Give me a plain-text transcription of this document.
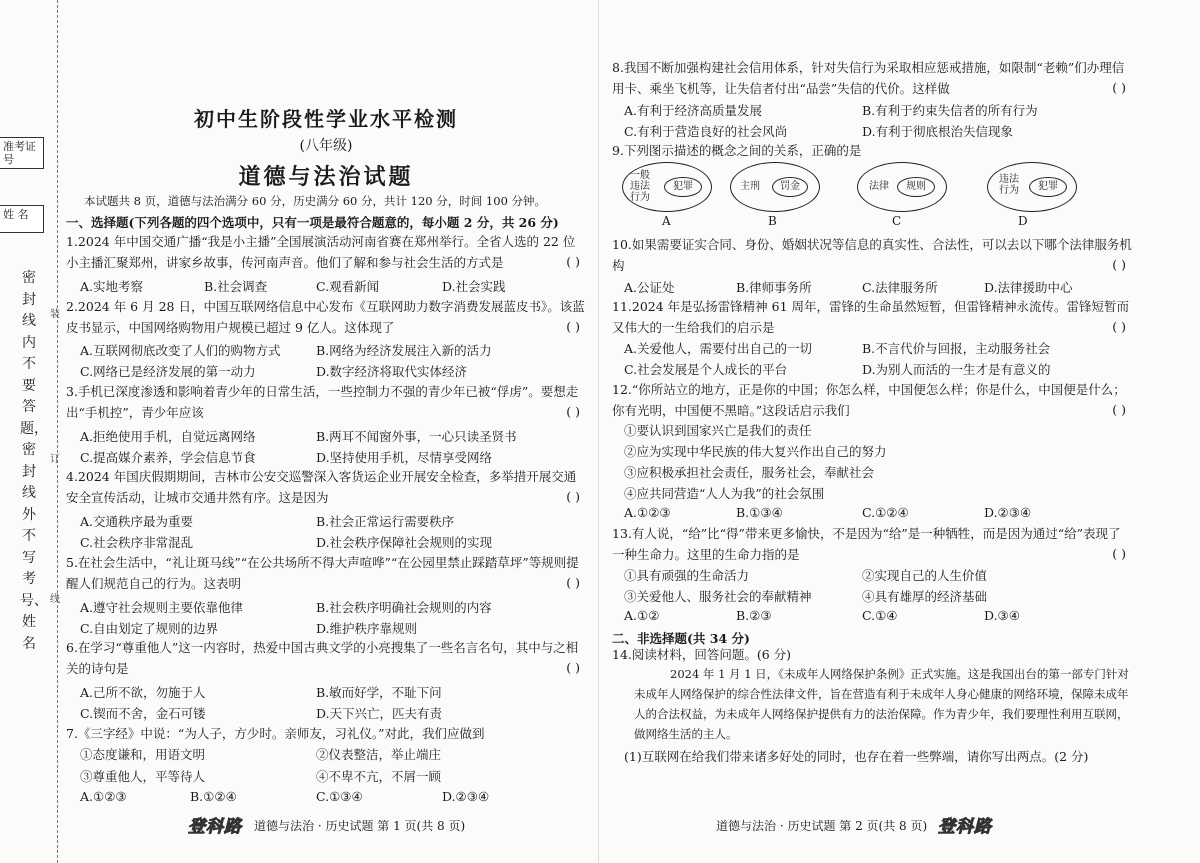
准考证号
姓 名
密封线内不要答题，密封线外不写考号、姓名
装
订
线
初中生阶段性学业水平检测
(八年级)
道德与法治试题
本试题共 8 页，道德与法治满分 60 分，历史满分 60 分，共计 120 分，时间 100 分钟。
一、选择题(下列各题的四个选项中，只有一项是最符合题意的，每小题 2 分，共 26 分)
1.2024 年中国交通广播“我是小主播”全国展演活动河南省赛在郑州举行。全省人选的 22 位小主播汇聚郑州，讲家乡故事，传河南声音。他们了解和参与社会生活的方式是	( )
A.实地考察	B.社会调查	C.观看新闻	D.社会实践
2.2024 年 6 月 28 日，中国互联网络信息中心发布《互联网助力数字消费发展蓝皮书》。该蓝皮书显示，中国网络购物用户规模已超过 9 亿人。这体现了	( )
A.互联网彻底改变了人们的购物方式	B.网络为经济发展注入新的活力
C.网络已是经济发展的第一动力	D.数字经济将取代实体经济
3.手机已深度渗透和影响着青少年的日常生活，一些控制力不强的青少年已被“俘虏”。要想走出“手机控”，青少年应该	( )
A.拒绝使用手机，自觉远离网络	B.两耳不闻窗外事，一心只读圣贤书
C.提高媒介素养，学会信息节食	D.坚持使用手机，尽情享受网络
4.2024 年国庆假期期间，吉林市公安交巡警深入客货运企业开展安全检查，多举措开展交通安全宣传活动，让城市交通井然有序。这是因为	( )
A.交通秩序最为重要	B.社会正常运行需要秩序
C.社会秩序非常混乱	D.社会秩序保障社会规则的实现
5.在社会生活中，“礼让斑马线”“在公共场所不得大声喧哗”“在公园里禁止踩踏草坪”等规则提醒人们规范自己的行为。这表明	( )
A.遵守社会规则主要依靠他律	B.社会秩序明确社会规则的内容
C.自由划定了规则的边界	D.维护秩序靠规则
6.在学习“尊重他人”这一内容时，热爱中国古典文学的小亮搜集了一些名言名句，其中与之相关的诗句是	( )
A.己所不欲，勿施于人	B.敏而好学，不耻下问
C.锲而不舍，金石可镂	D.天下兴亡，匹夫有责
7.《三字经》中说：“为人子，方少时。亲师友，习礼仪。”对此，我们应做到
①态度谦和，用语文明	②仪表整洁，举止端庄
③尊重他人，平等待人	④不卑不亢，不屑一顾
A.①②③	B.①②④	C.①③④	D.②③④
登科路 道德与法治 · 历史试题 第 1 页(共 8 页)
8.我国不断加强构建社会信用体系，针对失信行为采取相应惩戒措施，如限制“老赖”们办理信用卡、乘坐飞机等，让失信者付出“品尝”失信的代价。这样做	( )
A.有利于经济高质量发展	B.有利于约束失信者的所有行为
C.有利于营造良好的社会风尚	D.有利于彻底根治失信现象
9.下列图示描述的概念之间的关系，正确的是
一般违法行为
犯罪
A
主刑	罚金
B
法律	规则
C
违法行为	犯罪
D
10.如果需要证实合同、身份、婚姻状况等信息的真实性、合法性，可以去以下哪个法律服务机构	( )
A.公证处	B.律师事务所	C.法律服务所	D.法律援助中心
11.2024 年是弘扬雷锋精神 61 周年，雷锋的生命虽然短暂，但雷锋精神永流传。雷锋短暂而又伟大的一生给我们的启示是	( )
A.关爱他人，需要付出自己的一切	B.不言代价与回报，主动服务社会
C.社会发展是个人成长的平台	D.为别人而活的一生才是有意义的
12.“你所站立的地方，正是你的中国；你怎么样，中国便怎么样；你是什么，中国便是什么；你有光明，中国便不黑暗。”这段话启示我们	( )
①要认识到国家兴亡是我们的责任
②应为实现中华民族的伟大复兴作出自己的努力
③应积极承担社会责任，服务社会，奉献社会
④应共同营造“人人为我”的社会氛围
A.①②③	B.①③④	C.①②④	D.②③④
13.有人说，“给”比“得”带来更多愉快，不是因为“给”是一种牺牲，而是因为通过“给”表现了一种生命力。这里的生命力指的是	( )
①具有顽强的生命活力	②实现自己的人生价值
③关爱他人、服务社会的奉献精神	④具有雄厚的经济基础
A.①②	B.②③	C.①④	D.③④
二、非选择题(共 34 分)
14.阅读材料，回答问题。(6 分)
2024 年 1 月 1 日，《未成年人网络保护条例》正式实施。这是我国出台的第一部专门针对未成年人网络保护的综合性法律文件，旨在营造有利于未成年人身心健康的网络环境，保障未成年人的合法权益，为未成年人网络保护提供有力的法治保障。作为青少年，我们要理性利用互联网，做网络生活的主人。
(1)互联网在给我们带来诸多好处的同时，也存在着一些弊端，请你写出两点。(2 分)
道德与法治 · 历史试题 第 2 页(共 8 页) 登科路
